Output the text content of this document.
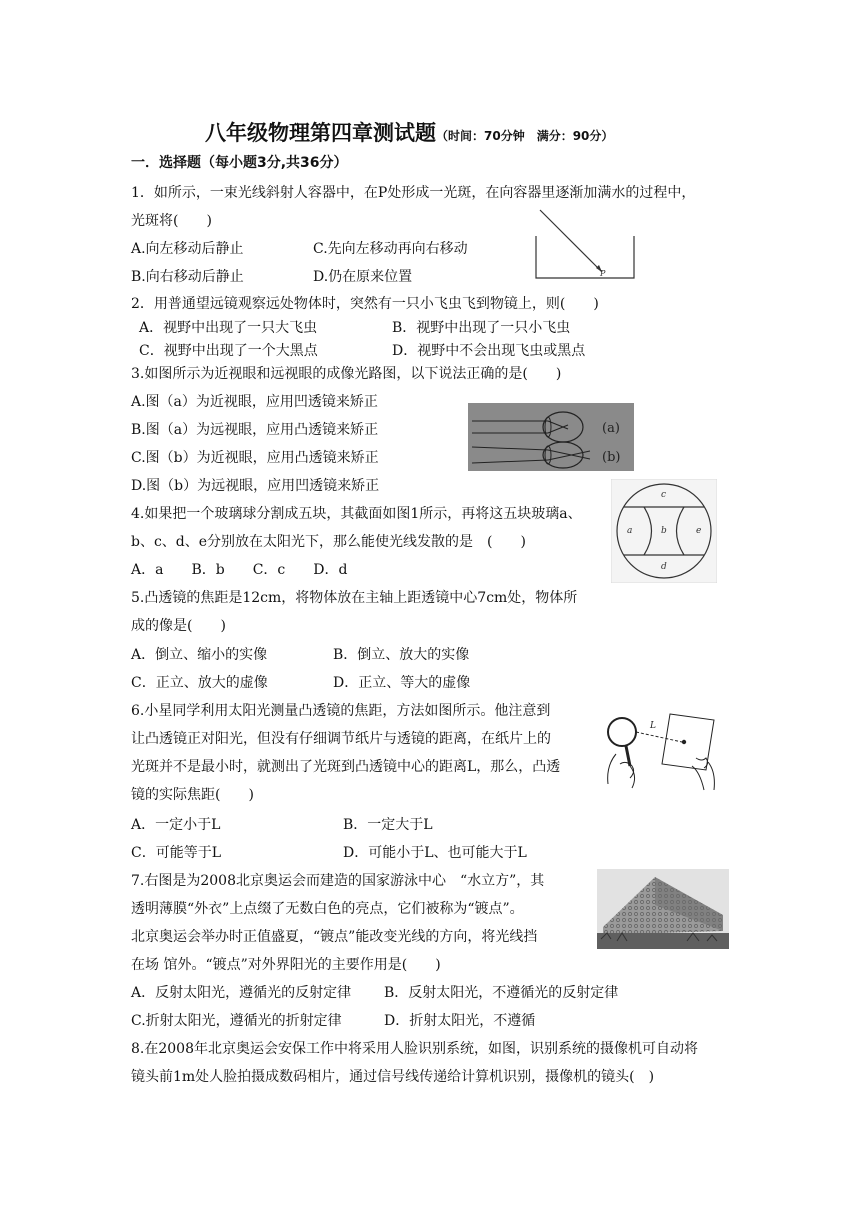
八年级物理第四章测试题（时间：70分钟　满分：90分）
一．选择题（每小题3分,共36分）
1．如所示，一束光线斜射人容器中，在P处形成一光斑，在向容器里逐渐加满水的过程中，
光斑将(　　)
A.向左移动后静止	C.先向左移动再向右移动
B.向右移动后静止	D.仍在原来位置	P
2．用普通望远镜观察远处物体时，突然有一只小飞虫飞到物镜上，则(　　)
A．视野中出现了一只大飞虫	B．视野中出现了一只小飞虫
C．视野中出现了一个大黑点	D．视野中不会出现飞虫或黑点
3.如图所示为近视眼和远视眼的成像光路图，以下说法正确的是(　　)
A.图（a）为近视眼，应用凹透镜来矫正
B.图（a）为远视眼，应用凸透镜来矫正
C.图（b）为近视眼，应用凸透镜来矫正
D.图（b）为远视眼，应用凹透镜来矫正
(a)
(b)
4.如果把一个玻璃球分割成五块，其截面如图1所示，再将这五块玻璃a、
b、c、d、e分别放在太阳光下，那么能使光线发散的是　(　　)
A．a　　B．b　　C．c　　D．d
c
a	b	e
d
5.凸透镜的焦距是12cm，将物体放在主轴上距透镜中心7cm处，物体所
成的像是(　　)
A．倒立、缩小的实像	B．倒立、放大的实像
C．正立、放大的虚像	D．正立、等大的虚像
6.小星同学利用太阳光测量凸透镜的焦距，方法如图所示。他注意到
让凸透镜正对阳光，但没有仔细调节纸片与透镜的距离，在纸片上的
光斑并不是最小时，就测出了光斑到凸透镜中心的距离L，那么，凸透
镜的实际焦距(　　)
A．一定小于L	B．一定大于L
C．可能等于L	D．可能小于L、也可能大于L
L
7.右图是为2008北京奥运会而建造的国家游泳中心　“水立方”，其
透明薄膜“外衣”上点缀了无数白色的亮点，它们被称为“镀点”。
北京奥运会举办时正值盛夏，“镀点”能改变光线的方向，将光线挡
在场 馆外。“镀点”对外界阳光的主要作用是(　　)
A．反射太阳光，遵循光的反射定律 B．反射太阳光，不遵循光的反射定律
C.折射太阳光，遵循光的折射定律	D．折射太阳光，不遵循
8.在2008年北京奥运会安保工作中将采用人脸识别系统，如图，识别系统的摄像机可自动将
镜头前1m处人脸拍摄成数码相片，通过信号线传递给计算机识别，摄像机的镜头(　)
